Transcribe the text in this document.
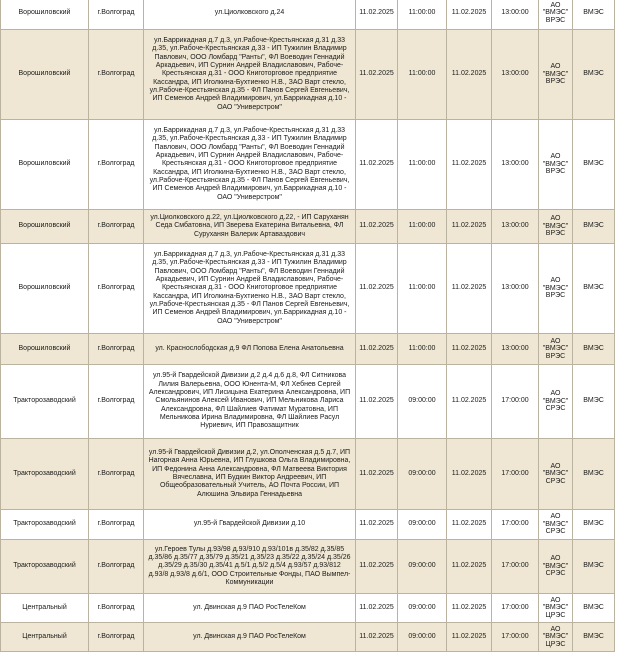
Ворошиловский	г.Волгоград	ул.Циолковского д.24	11.02.2025	11:00:00	11.02.2025	13:00:00	АО "ВМЭС" ВРЭС	ВМЭС
Ворошиловский	г.Волгоград	ул.Баррикадная д.7 д.3, ул.Рабоче-Крестьянская д.31 д.33 д.35, ул.Рабоче-Крестьянская д.33 - ИП Тужилин Владимир Павлович, ООО Ломбард "Ранты", ФЛ Воеводин Геннадий Аркадьевич, ИП Сурнин Андрей Владиславович, Рабоче-Крестьянская д.31 - ООО Книготорговое предприятие Кассандра, ИП Иголкина-Бухтиенко Н.В., ЗАО Варт стекло, ул.Рабоче-Крестьянская д.35 - ФЛ Панов Сергей Евгеньевич, ИП Семенов Андрей Владимирович, ул.Баррикадная д.10 - ОАО "Универстром"	11.02.2025	11:00:00	11.02.2025	13:00:00	АО "ВМЭС" ВРЭС	ВМЭС
Ворошиловский	г.Волгоград	ул.Баррикадная д.7 д.3, ул.Рабоче-Крестьянская д.31 д.33 д.35, ул.Рабоче-Крестьянская д.33 - ИП Тужилин Владимир Павлович, ООО Ломбард "Ранты", ФЛ Воеводин Геннадий Аркадьевич, ИП Сурнин Андрей Владиславович, Рабоче-Крестьянская д.31 - ООО Книготорговое предприятие Кассандра, ИП Иголкина-Бухтиенко Н.В., ЗАО Варт стекло, ул.Рабоче-Крестьянская д.35 - ФЛ Панов Сергей Евгеньевич, ИП Семенов Андрей Владимирович, ул.Баррикадная д.10 - ОАО "Универстром"	11.02.2025	11:00:00	11.02.2025	13:00:00	АО "ВМЭС" ВРЭС	ВМЭС
Ворошиловский	г.Волгоград	ул.Циолковского д.22, ул.Циолковского д.22, - ИП Саруханян Седа Смбатовна, ИП Зверева Екатерина Витальевна, ФЛ Суруханян Валерик Артаваздович	11.02.2025	11:00:00	11.02.2025	13:00:00	АО "ВМЭС" ВРЭС	ВМЭС
Ворошиловский	г.Волгоград	ул.Баррикадная д.7 д.3, ул.Рабоче-Крестьянская д.31 д.33 д.35, ул.Рабоче-Крестьянская д.33 - ИП Тужилин Владимир Павлович, ООО Ломбард "Ранты", ФЛ Воеводин Геннадий Аркадьевич, ИП Сурнин Андрей Владиславович, Рабоче-Крестьянская д.31 - ООО Книготорговое предприятие Кассандра, ИП Иголкина-Бухтиенко Н.В., ЗАО Варт стекло, ул.Рабоче-Крестьянская д.35 - ФЛ Панов Сергей Евгеньевич, ИП Семенов Андрей Владимирович, ул.Баррикадная д.10 - ОАО "Универстром"	11.02.2025	11:00:00	11.02.2025	13:00:00	АО "ВМЭС" ВРЭС	ВМЭС
Ворошиловский	г.Волгоград	ул. Краснослободская д.9 ФЛ Попова Елена Анатольевна	11.02.2025	11:00:00	11.02.2025	13:00:00	АО "ВМЭС" ВРЭС	ВМЭС
Тракторозаводский	г.Волгоград	ул.95-й Гвардейской Дивизии д.2 д.4 д.6 д.8, ФЛ Ситникова Лилия Валерьевна, ООО Юнента-М, ФЛ Хебнев Сергей Александрович, ИП Лисицына Екатерина Александровна, ИП Смольянинов Алексей Иванович, ИП Мельникова Лариса Александровна, ФЛ Шайлиев Фатимат Муратовна, ИП Мельникова Ирина Владимировна, ФЛ Шайлиев Расул Нуриевич, ИП Правозащитник	11.02.2025	09:00:00	11.02.2025	17:00:00	АО "ВМЭС" СРЭС	ВМЭС
Тракторозаводский	г.Волгоград	ул.95-й Гвардейской Дивизии д.2, ул.Ополченская д.5 д.7, ИП Нагорная Анна Юрьевна, ИП Глушкова Ольга Владимировна, ИП Федонина Анна Александровна, ФЛ Матвеева Виктория Вячеславна, ИП Будкин Виктор Андреевич, ИП Общеобразовательный Учитель, АО Почта России, ИП Алюшина Эльвира Геннадьевна	11.02.2025	09:00:00	11.02.2025	17:00:00	АО "ВМЭС" СРЭС	ВМЭС
Тракторозаводский	г.Волгоград	ул.95-й Гвардейской Дивизии д.10	11.02.2025	09:00:00	11.02.2025	17:00:00	АО "ВМЭС" СРЭС	ВМЭС
Тракторозаводский	г.Волгоград	ул.Героев Тулы д.93/98 д.93/910 д.93/101в д.35/82 д.35/85 д.35/86 д.35/77 д.35/79 д.35/21 д.35/23 д.35/22 д.35/24 д.35/26 д.35/29 д.35/30 д.35/41 д.5/1 д.5/2 д.5/4 д.93/57 д.93/812 д.93/8 д.93/8 д.6/1, ООО Строительные Фонды, ПАО Вымпел-Коммуникации	11.02.2025	09:00:00	11.02.2025	17:00:00	АО "ВМЭС" СРЭС	ВМЭС
Центральный	г.Волгоград	ул. Двинская д.9 ПАО РосТелеКом	11.02.2025	09:00:00	11.02.2025	17:00:00	АО "ВМЭС" ЦРЭС	ВМЭС
Центральный	г.Волгоград	ул. Двинская д.9 ПАО РосТелеКом	11.02.2025	09:00:00	11.02.2025	17:00:00	АО "ВМЭС" ЦРЭС	ВМЭС
